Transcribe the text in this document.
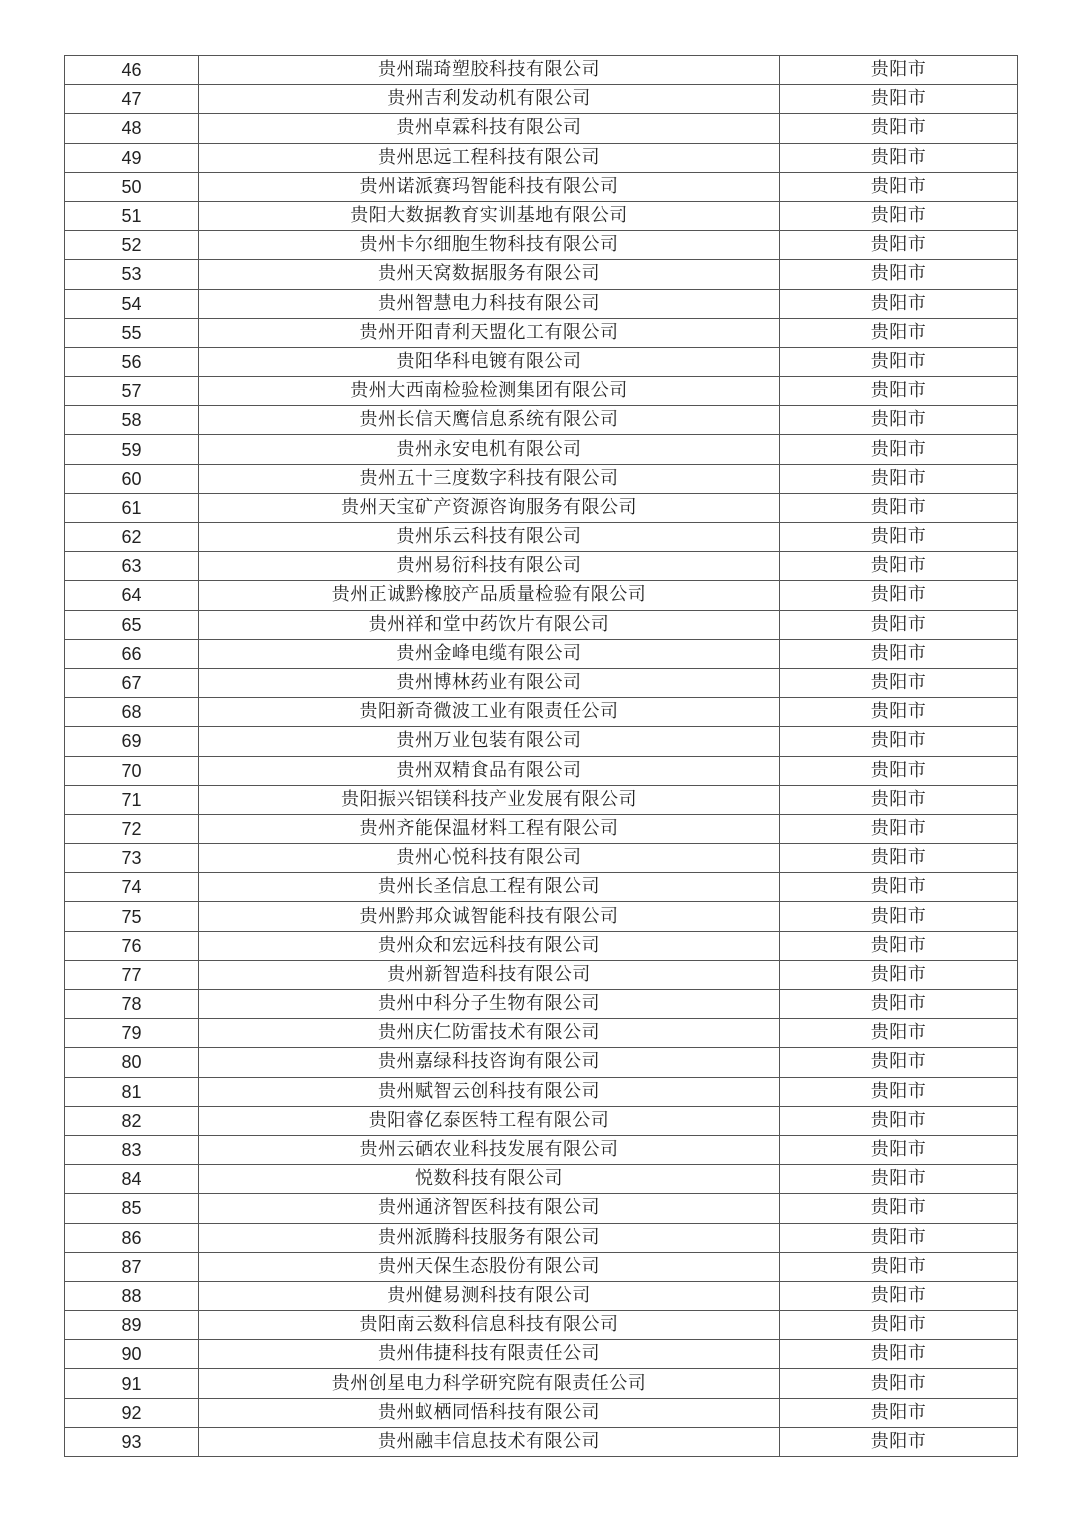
46	贵州瑞琦塑胶科技有限公司	贵阳市
47	贵州吉利发动机有限公司	贵阳市
48	贵州卓霖科技有限公司	贵阳市
49	贵州思远工程科技有限公司	贵阳市
50	贵州诺派赛玛智能科技有限公司	贵阳市
51	贵阳大数据教育实训基地有限公司	贵阳市
52	贵州卡尔细胞生物科技有限公司	贵阳市
53	贵州天窝数据服务有限公司	贵阳市
54	贵州智慧电力科技有限公司	贵阳市
55	贵州开阳青利天盟化工有限公司	贵阳市
56	贵阳华科电镀有限公司	贵阳市
57	贵州大西南检验检测集团有限公司	贵阳市
58	贵州长信天鹰信息系统有限公司	贵阳市
59	贵州永安电机有限公司	贵阳市
60	贵州五十三度数字科技有限公司	贵阳市
61	贵州天宝矿产资源咨询服务有限公司	贵阳市
62	贵州乐云科技有限公司	贵阳市
63	贵州易衍科技有限公司	贵阳市
64	贵州正诚黔橡胶产品质量检验有限公司	贵阳市
65	贵州祥和堂中药饮片有限公司	贵阳市
66	贵州金峰电缆有限公司	贵阳市
67	贵州博林药业有限公司	贵阳市
68	贵阳新奇微波工业有限责任公司	贵阳市
69	贵州万业包装有限公司	贵阳市
70	贵州双精食品有限公司	贵阳市
71	贵阳振兴铝镁科技产业发展有限公司	贵阳市
72	贵州齐能保温材料工程有限公司	贵阳市
73	贵州心悦科技有限公司	贵阳市
74	贵州长圣信息工程有限公司	贵阳市
75	贵州黔邦众诚智能科技有限公司	贵阳市
76	贵州众和宏远科技有限公司	贵阳市
77	贵州新智造科技有限公司	贵阳市
78	贵州中科分子生物有限公司	贵阳市
79	贵州庆仁防雷技术有限公司	贵阳市
80	贵州嘉绿科技咨询有限公司	贵阳市
81	贵州赋智云创科技有限公司	贵阳市
82	贵阳睿亿泰医特工程有限公司	贵阳市
83	贵州云硒农业科技发展有限公司	贵阳市
84	悦数科技有限公司	贵阳市
85	贵州通济智医科技有限公司	贵阳市
86	贵州派腾科技服务有限公司	贵阳市
87	贵州天保生态股份有限公司	贵阳市
88	贵州健易测科技有限公司	贵阳市
89	贵阳南云数科信息科技有限公司	贵阳市
90	贵州伟捷科技有限责任公司	贵阳市
91	贵州创星电力科学研究院有限责任公司	贵阳市
92	贵州蚁栖同悟科技有限公司	贵阳市
93	贵州融丰信息技术有限公司	贵阳市
